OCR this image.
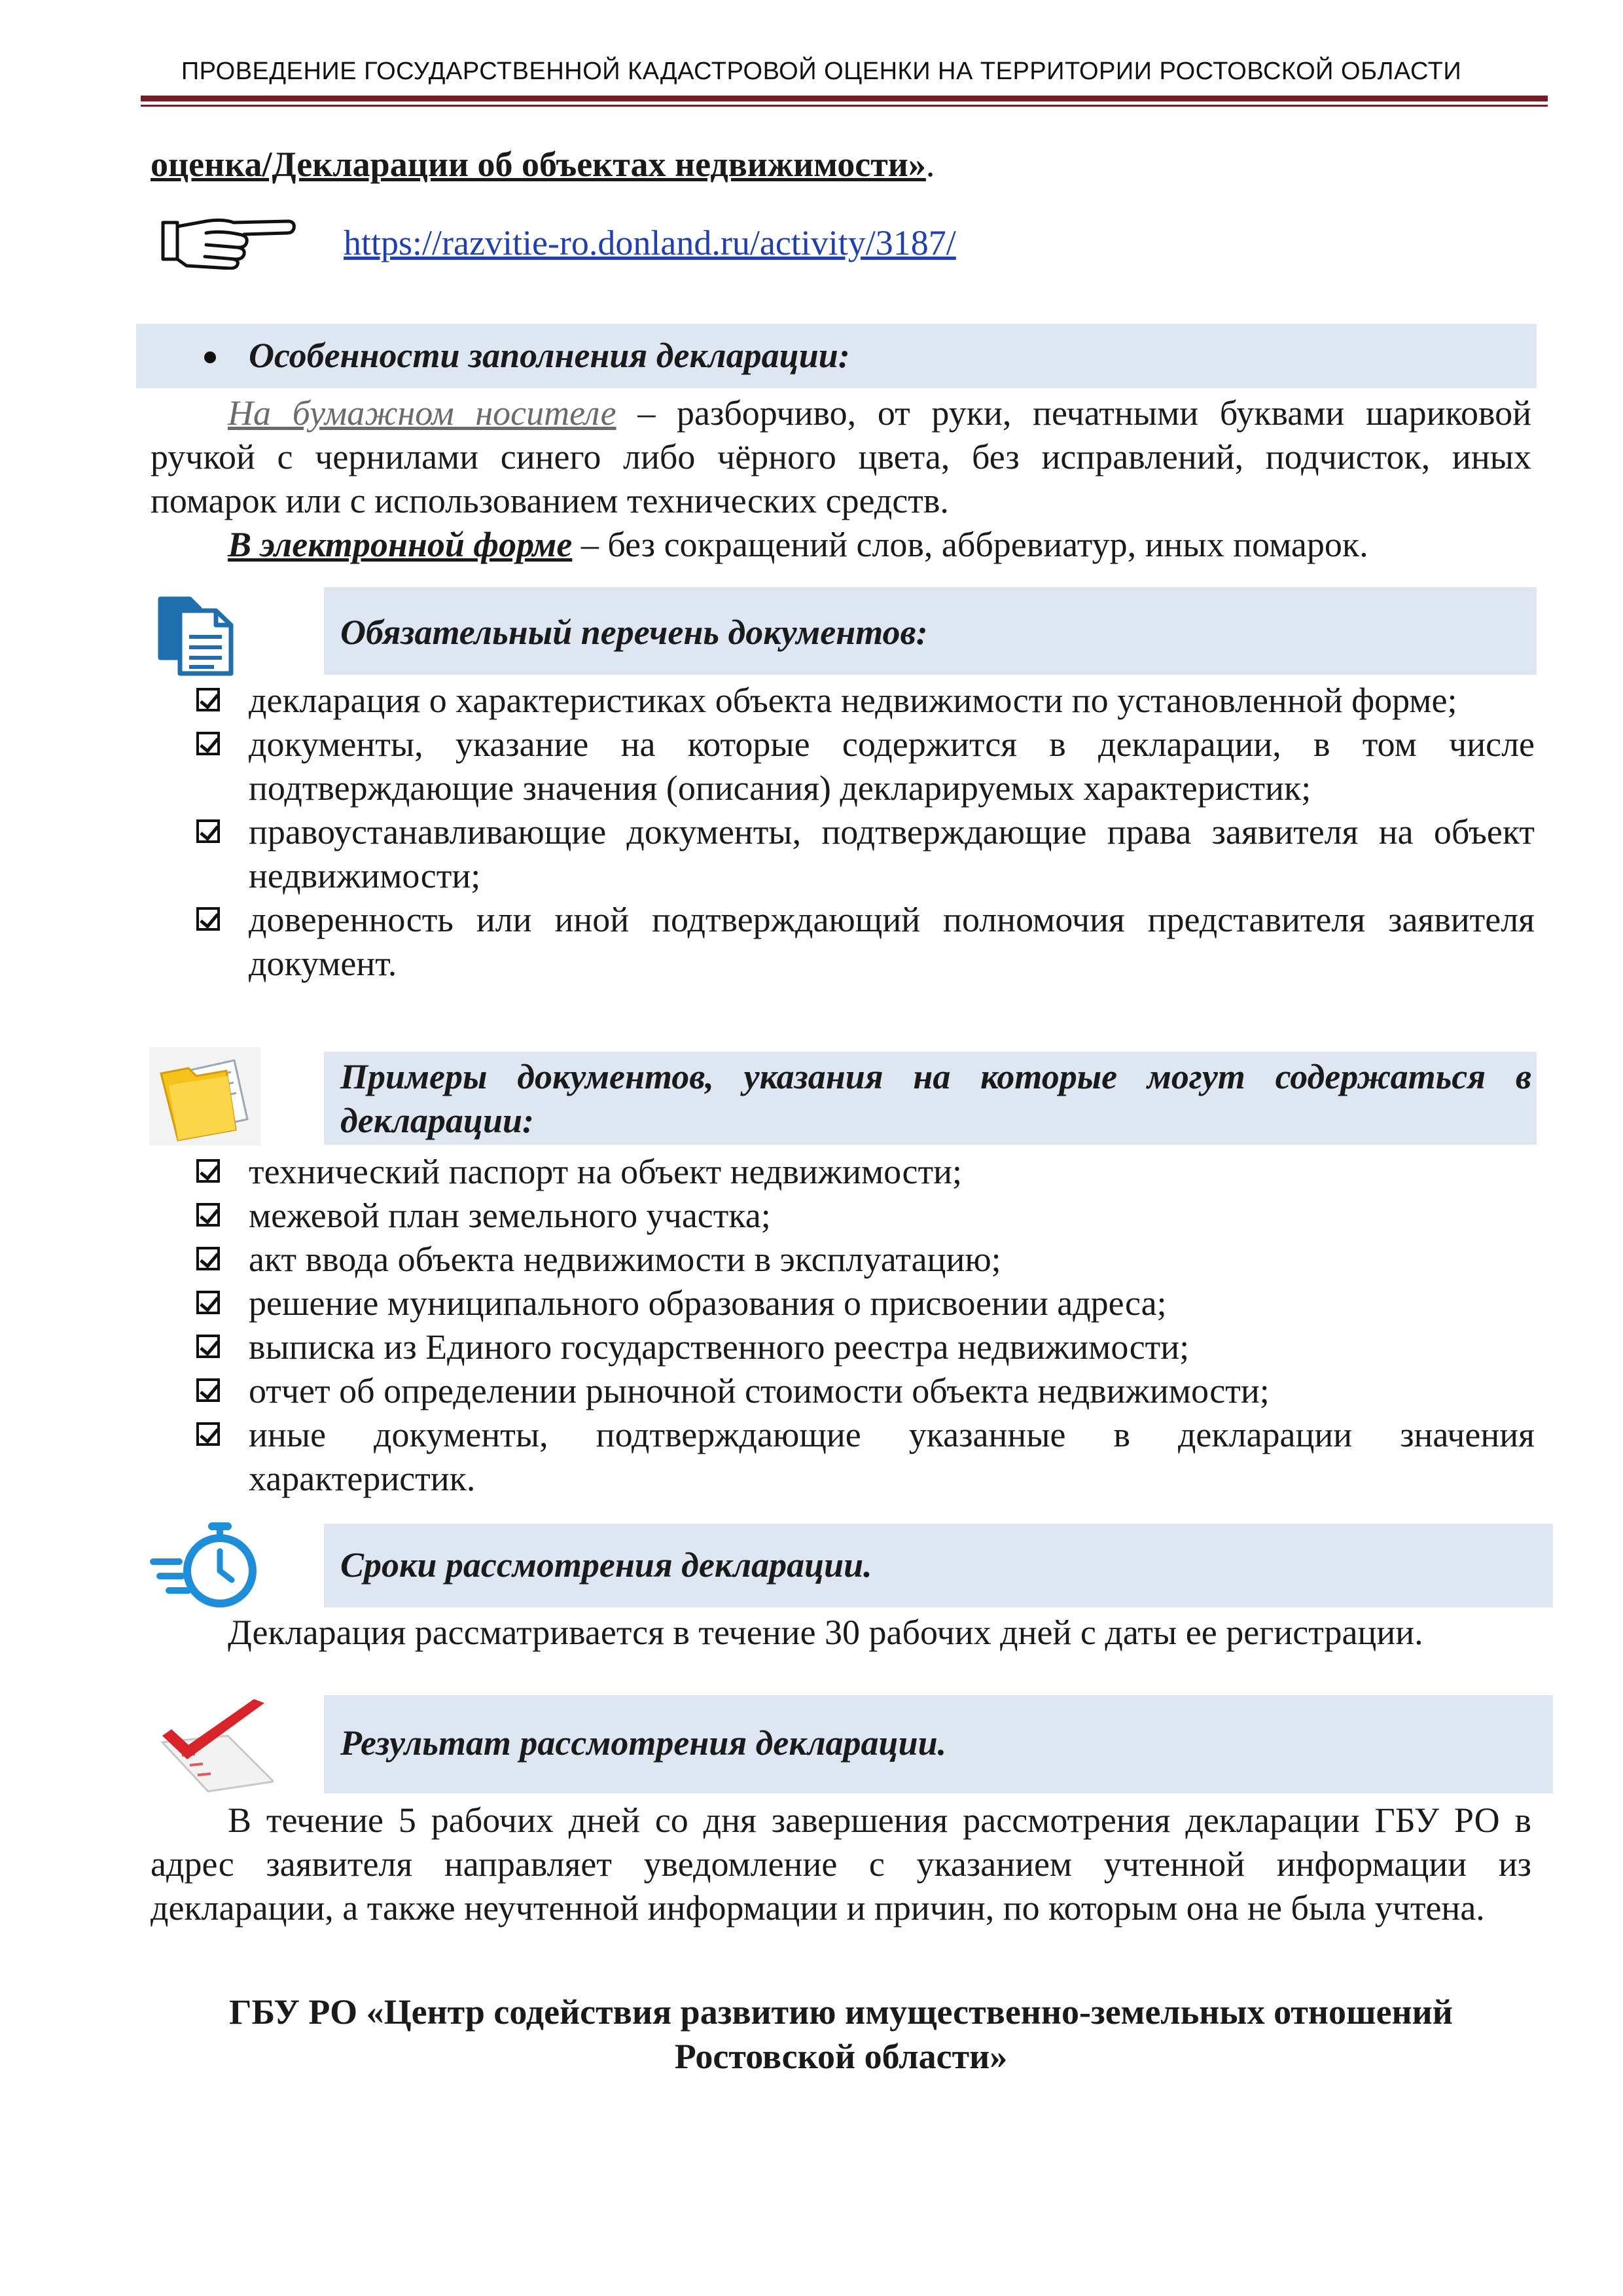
ПРОВЕДЕНИЕ ГОСУДАРСТВЕННОЙ КАДАСТРОВОЙ ОЦЕНКИ НА ТЕРРИТОРИИ РОСТОВСКОЙ ОБЛАСТИ
оценка/Декларации об объектах недвижимости».
https://razvitie-ro.donland.ru/activity/3187/
Особенности заполнения декларации:
На бумажном носителе – разборчиво, от руки, печатными буквами шариковой ручкой с чернилами синего либо чёрного цвета, без исправлений, подчисток, иных помарок или с использованием технических средств.
В электронной форме – без сокращений слов, аббревиатур, иных помарок.
Обязательный перечень документов:
декларация о характеристиках объекта недвижимости по установленной форме;
документы, указание на которые содержится в декларации, в том числе подтверждающие значения (описания) декларируемых характеристик;
правоустанавливающие документы, подтверждающие права заявителя на объект недвижимости;
доверенность или иной подтверждающий полномочия представителя заявителя документ.
Примеры документов, указания на которые могут содержаться в декларации:
технический паспорт на объект недвижимости;
межевой план земельного участка;
акт ввода объекта недвижимости в эксплуатацию;
решение муниципального образования о присвоении адреса;
выписка из Единого государственного реестра недвижимости;
отчет об определении рыночной стоимости объекта недвижимости;
иные документы, подтверждающие указанные в декларации значения характеристик.
Сроки рассмотрения декларации.
Декларация рассматривается в течение 30 рабочих дней с даты ее регистрации.
Результат рассмотрения декларации.
В течение 5 рабочих дней со дня завершения рассмотрения декларации ГБУ РО в адрес заявителя направляет уведомление с указанием учтенной информации из декларации, а также неучтенной информации и причин, по которым она не была учтена.
ГБУ РО «Центр содействия развитию имущественно-земельных отношений
Ростовской области»
